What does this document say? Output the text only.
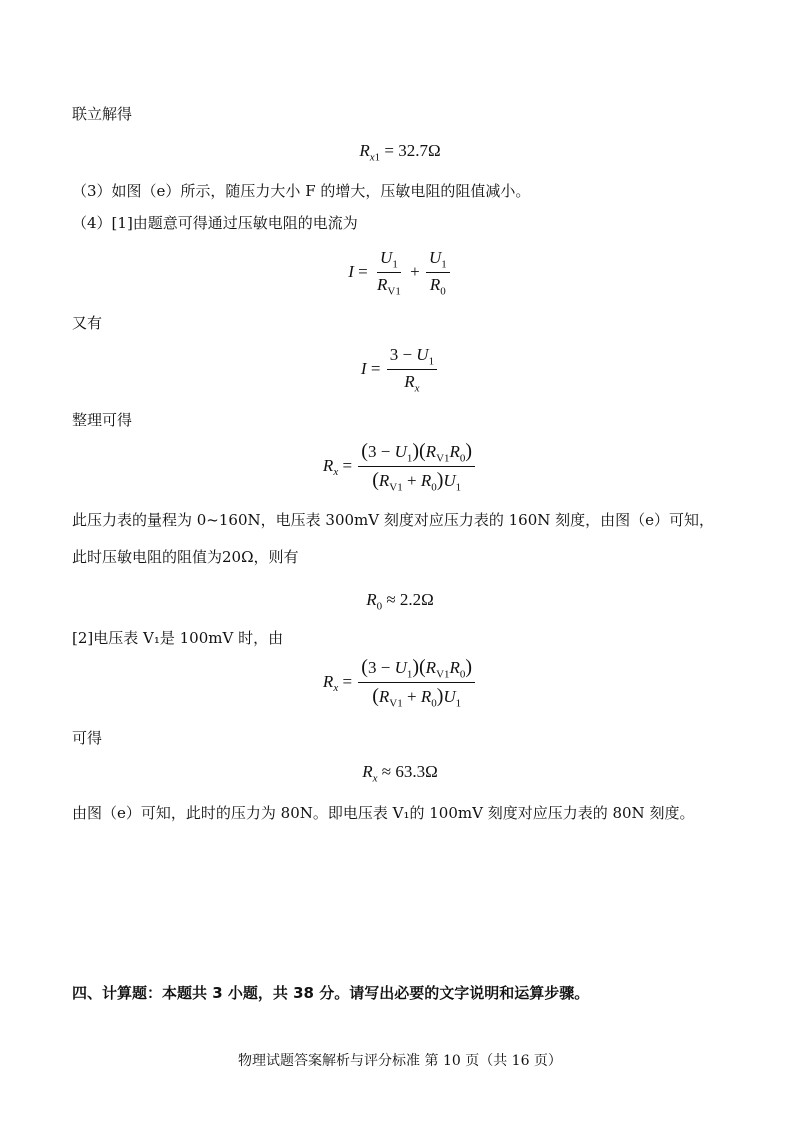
联立解得
$R_{x1} = 32.7\Omega$
（3）如图（e）所示，随压力大小 F 的增大，压敏电阻的阻值减小。
（4）[1]由题意可得通过压敏电阻的电流为
$I = \frac{U_1}{R_{V1}} + \frac{U_1}{R_0}$
又有
$I = \frac{3 - U_1}{R_x}$
整理可得
$R_x = \frac{(3 - U_1)(R_{V1}R_0)}{(R_{V1} + R_0)U_1}$
此压力表的量程为 0~160N，电压表 300mV 刻度对应压力表的 160N 刻度，由图（e）可知，
此时压敏电阻的阻值为20Ω，则有
$R_0 \approx 2.2\Omega$
[2]电压表 V₁是 100mV 时，由
$R_x = \frac{(3 - U_1)(R_{V1}R_0)}{(R_{V1} + R_0)U_1}$
可得
$R_x \approx 63.3\Omega$
由图（e）可知，此时的压力为 80N。即电压表 V₁的 100mV 刻度对应压力表的 80N 刻度。
四、计算题：本题共 3 小题，共 38 分。请写出必要的文字说明和运算步骤。
物理试题答案解析与评分标准 第 10 页（共 16 页）
